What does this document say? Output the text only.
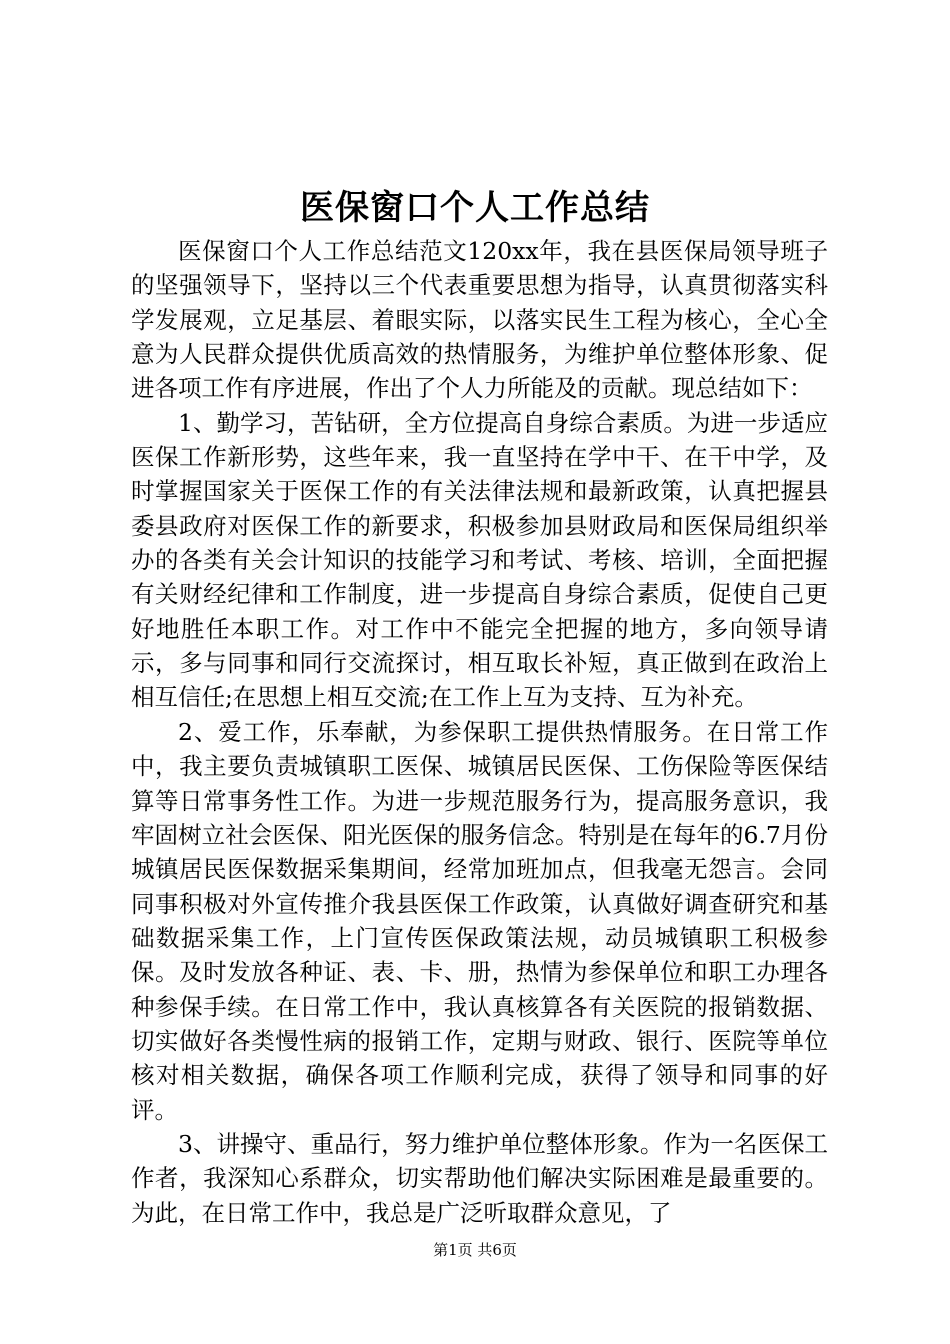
医保窗口个人工作总结

医保窗口个人工作总结范文120xx年，我在县医保局领导班子的坚强领导下，坚持以三个代表重要思想为指导，认真贯彻落实科学发展观，立足基层、着眼实际，以落实民生工程为核心，全心全意为人民群众提供优质高效的热情服务，为维护单位整体形象、促进各项工作有序进展，作出了个人力所能及的贡献。现总结如下：

1、勤学习，苦钻研，全方位提高自身综合素质。为进一步适应医保工作新形势，这些年来，我一直坚持在学中干、在干中学，及时掌握国家关于医保工作的有关法律法规和最新政策，认真把握县委县政府对医保工作的新要求，积极参加县财政局和医保局组织举办的各类有关会计知识的技能学习和考试、考核、培训，全面把握有关财经纪律和工作制度，进一步提高自身综合素质，促使自己更好地胜任本职工作。对工作中不能完全把握的地方，多向领导请示，多与同事和同行交流探讨，相互取长补短，真正做到在政治上相互信任;在思想上相互交流;在工作上互为支持、互为补充。

2、爱工作，乐奉献，为参保职工提供热情服务。在日常工作中，我主要负责城镇职工医保、城镇居民医保、工伤保险等医保结算等日常事务性工作。为进一步规范服务行为，提高服务意识，我牢固树立社会医保、阳光医保的服务信念。特别是在每年的6.7月份城镇居民医保数据采集期间，经常加班加点，但我毫无怨言。会同同事积极对外宣传推介我县医保工作政策，认真做好调查研究和基础数据采集工作，上门宣传医保政策法规，动员城镇职工积极参保。及时发放各种证、表、卡、册，热情为参保单位和职工办理各种参保手续。在日常工作中，我认真核算各有关医院的报销数据、切实做好各类慢性病的报销工作，定期与财政、银行、医院等单位核对相关数据，确保各项工作顺利完成，获得了领导和同事的好评。

3、讲操守、重品行，努力维护单位整体形象。作为一名医保工作者，我深知心系群众，切实帮助他们解决实际困难是最重要的。为此，在日常工作中，我总是广泛听取群众意见，了

第1页 共6页
